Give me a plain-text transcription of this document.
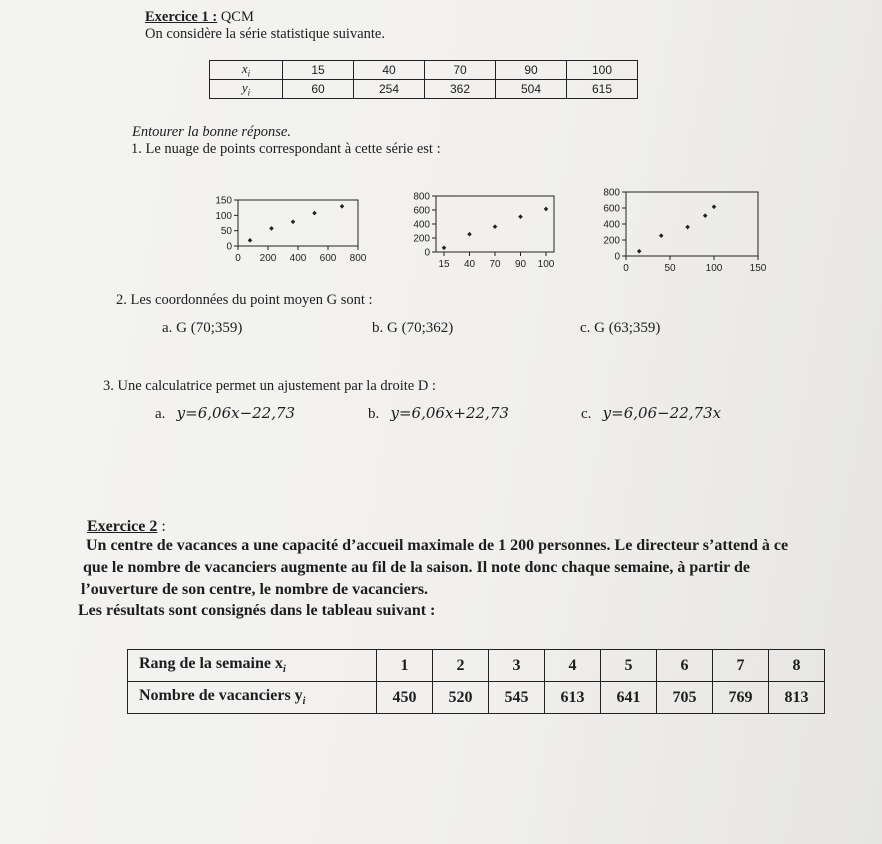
Exercice 1 : QCM
On considère la série statistique suivante.
$x_i$	15	40	70	90	100
$y_i$	60	254	362	504	615
Entourer la bonne réponse.
1. Le nuage de points correspondant à cette série est :
0
50
100
150
0 200 400 600 800	0
200
400
600
800
15 40 70 90 100
0
200
400
600
800
0	50	100	150
2. Les coordonnées du point moyen G sont :
a. G (70;359)	b. G (70;362)	c. G (63;359)
3. Une calculatrice permet un ajustement par la droite D :
a. y=6,06x−22,73	b. y=6,06x+22,73	c. y=6,06−22,73x
Exercice 2 :
Un centre de vacances a une capacité d’accueil maximale de 1 200 personnes. Le directeur s’attend à ce
que le nombre de vacanciers augmente au fil de la saison. Il note donc chaque semaine, à partir de
l’ouverture de son centre, le nombre de vacanciers.
Les résultats sont consignés dans le tableau suivant :
Rang de la semaine $x_i$	1	2	3	4	5	6	7	8
Nombre de vacanciers $y_i$	450	520	545	613	641	705	769	813
